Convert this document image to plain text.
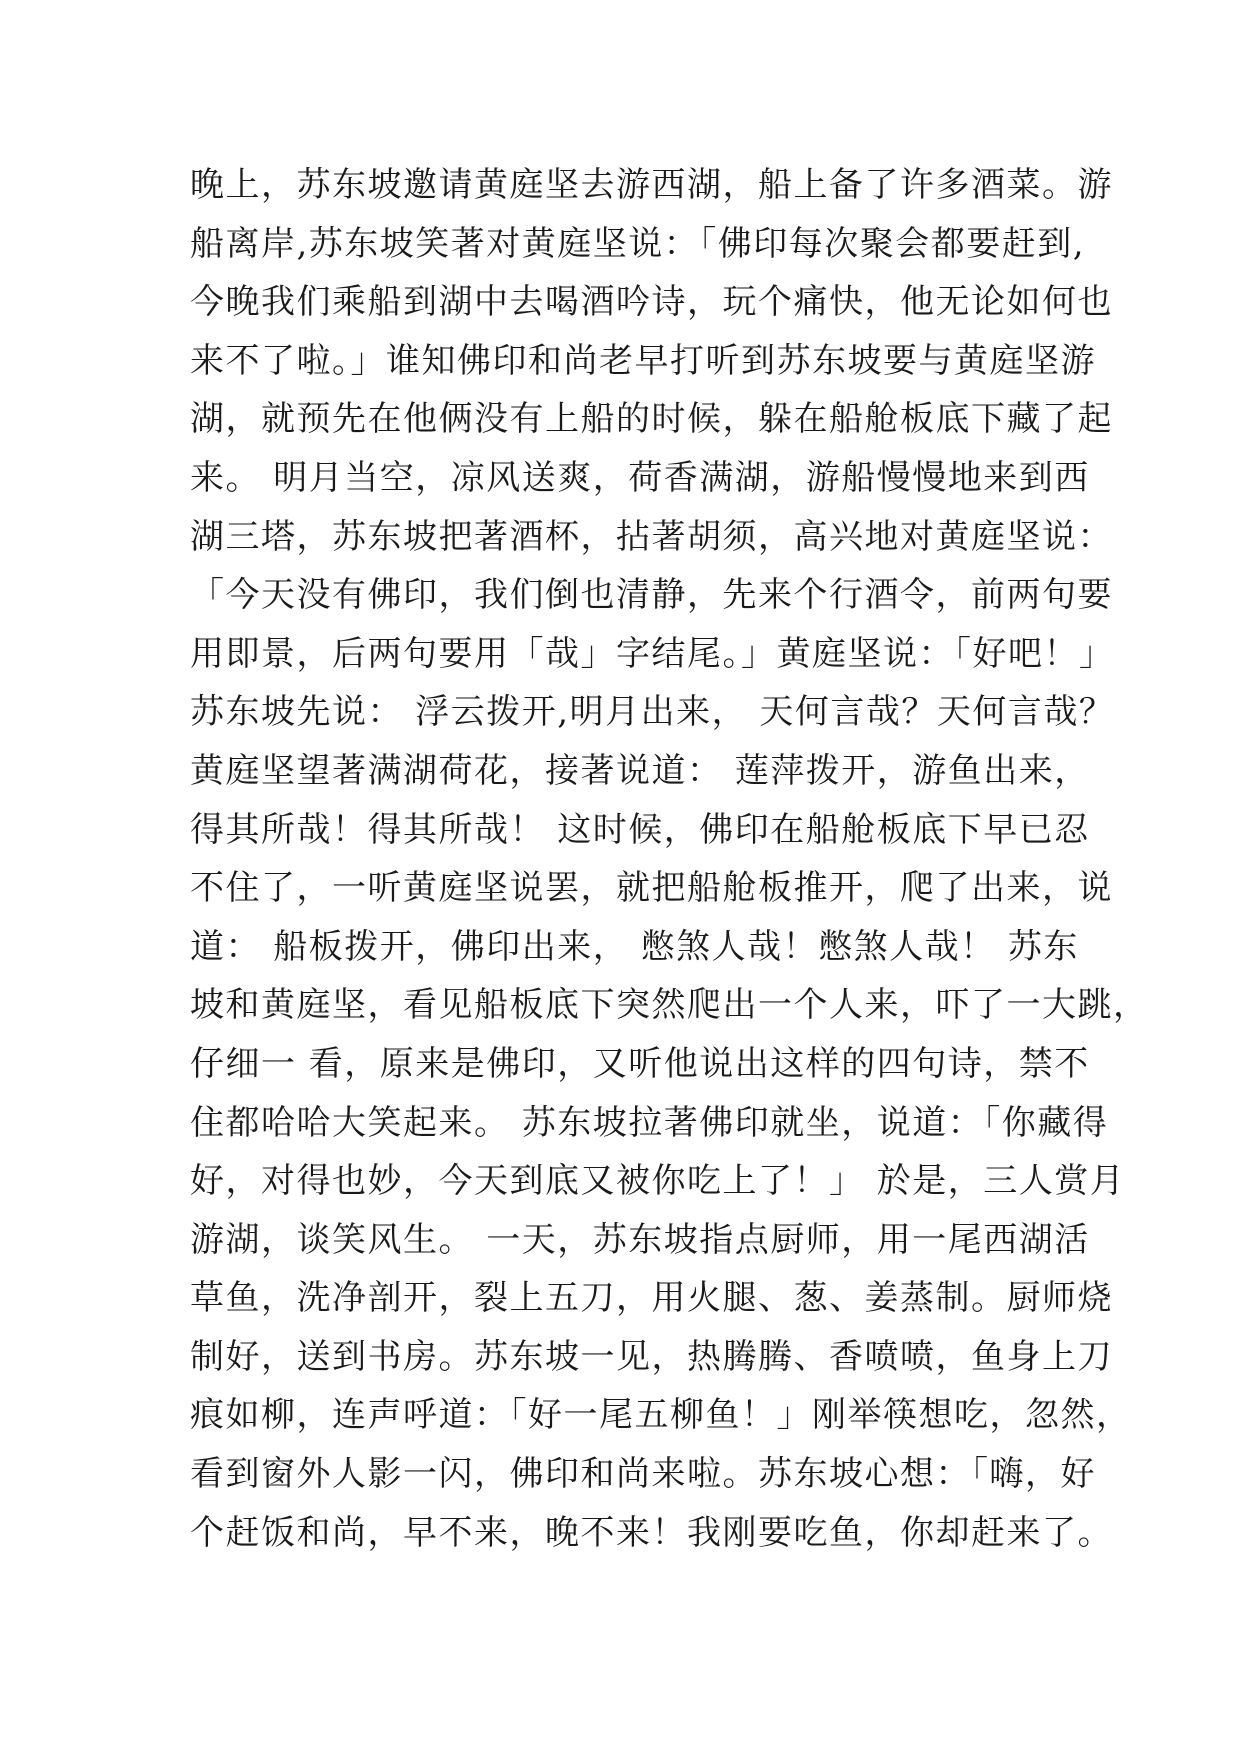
晚上，苏东坡邀请黄庭坚去游西湖，船上备了许多酒菜。游
船离岸,苏东坡笑著对黄庭坚说：「佛印每次聚会都要赶到,
今晚我们乘船到湖中去喝酒吟诗，玩个痛快，他无论如何也
来不了啦。」谁知佛印和尚老早打听到苏东坡要与黄庭坚游
湖，就预先在他俩没有上船的时候，躲在船舱板底下藏了起
来。 明月当空，凉风送爽，荷香满湖，游船慢慢地来到西
湖三塔，苏东坡把著酒杯，拈著胡须，高兴地对黄庭坚说：
「今天没有佛印，我们倒也清静，先来个行酒令，前两句要
用即景，后两句要用「哉」字结尾。」黄庭坚说：「好吧！」
苏东坡先说： 浮云拨开,明月出来， 天何言哉？天何言哉？
黄庭坚望著满湖荷花，接著说道： 莲萍拨开，游鱼出来，
得其所哉！得其所哉！ 这时候，佛印在船舱板底下早已忍
不住了，一听黄庭坚说罢，就把船舱板推开，爬了出来，说
道： 船板拨开，佛印出来， 憋煞人哉！憋煞人哉！ 苏东
坡和黄庭坚，看见船板底下突然爬出一个人来，吓了一大跳，
仔细一 看，原来是佛印，又听他说出这样的四句诗，禁不
住都哈哈大笑起来。 苏东坡拉著佛印就坐，说道：「你藏得
好，对得也妙，今天到底又被你吃上了！」 於是，三人赏月
游湖，谈笑风生。 一天，苏东坡指点厨师，用一尾西湖活
草鱼，洗净剖开，裂上五刀，用火腿、葱、姜蒸制。厨师烧
制好，送到书房。苏东坡一见，热腾腾、香喷喷，鱼身上刀
痕如柳，连声呼道：「好一尾五柳鱼！」刚举筷想吃，忽然，
看到窗外人影一闪，佛印和尚来啦。苏东坡心想：「嗨，好
个赶饭和尚，早不来，晚不来！我刚要吃鱼，你却赶来了。
